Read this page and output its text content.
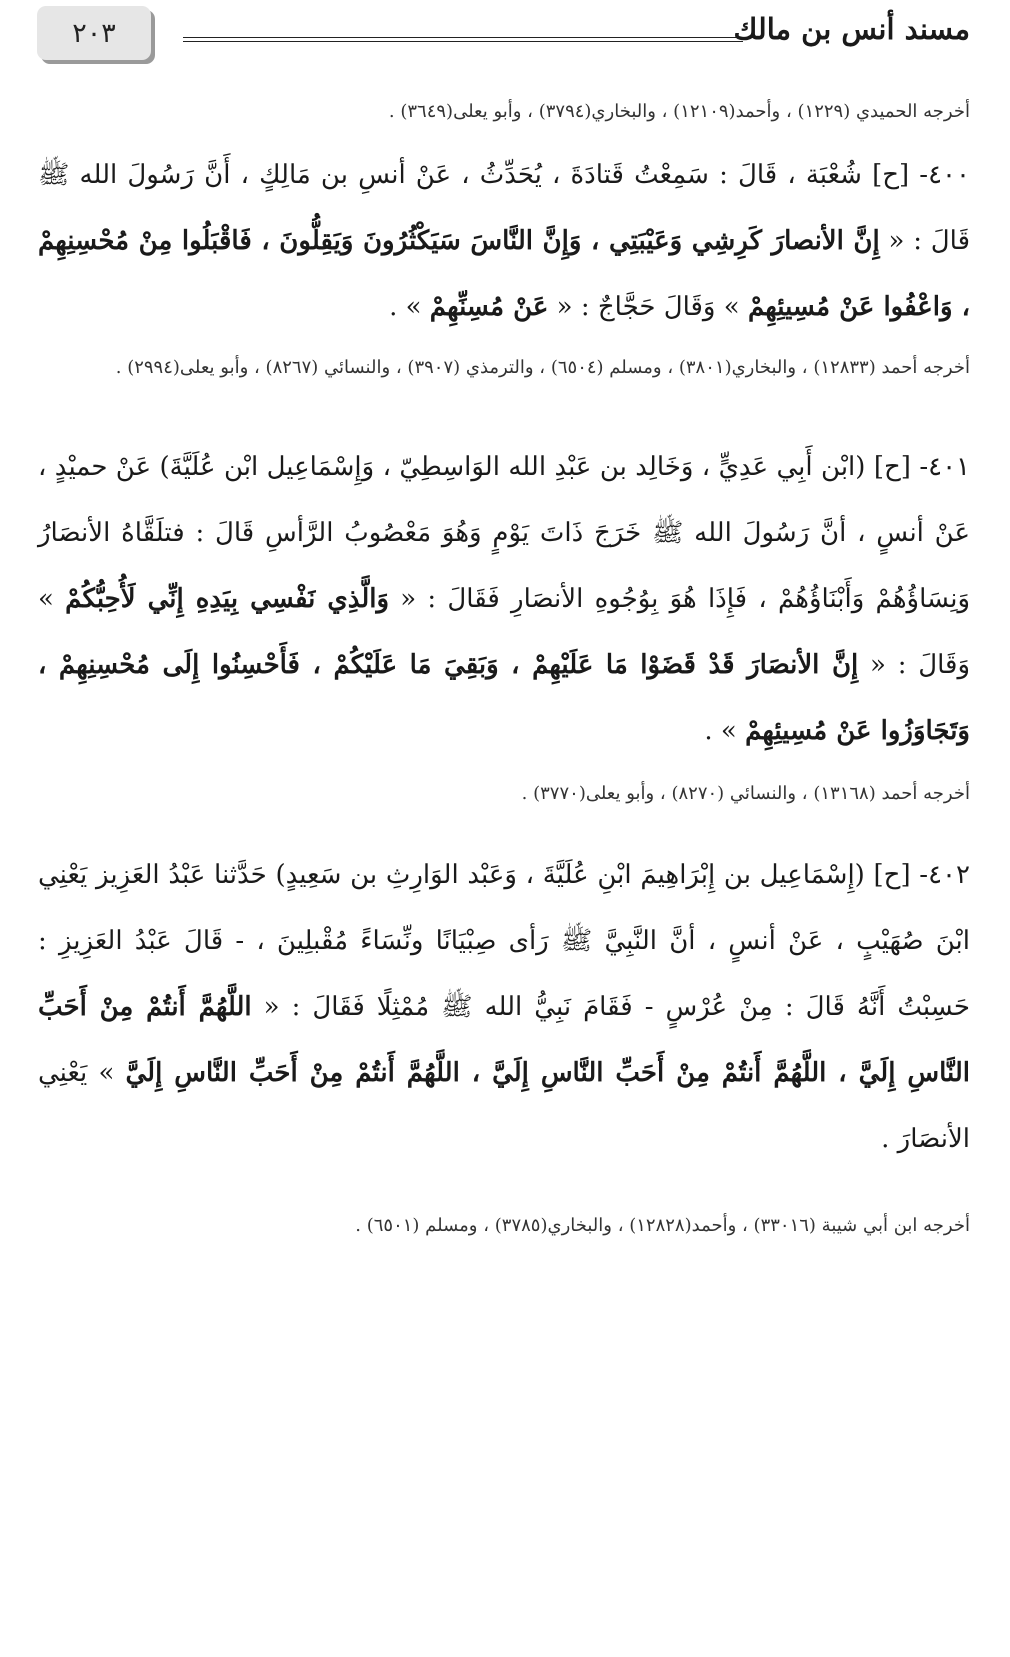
٢٠٣	مسند أنس بن مالك

أخرجه الحميدي (١٢٢٩) ، وأحمد(١٢١٠٩) ، والبخاري(٣٧٩٤) ، وأبو يعلى(٣٦٤٩) .

٤٠٠- [ح] شُعْبَة ، قَالَ : سَمِعْتُ قَتادَةَ ، يُحَدِّثُ ، عَنْ أنسِ بن مَالِكٍ ، أَنَّ رَسُولَ الله ﷺ قَالَ : « إِنَّ الأنصارَ كَرِشِي وَعَيْبَتِي ، وَإِنَّ النَّاسَ سَيَكْثُرُونَ وَيَقِلُّونَ ، فَاقْبَلُوا مِنْ مُحْسِنِهِمْ ، وَاعْفُوا عَنْ مُسِيئِهِمْ » وَقَالَ حَجَّاجٌ : « عَنْ مُسِنِّهِمْ » .

أخرجه أحمد (١٢٨٣٣) ، والبخاري(٣٨٠١) ، ومسلم (٦٥٠٤) ، والترمذي (٣٩٠٧) ، والنسائي (٨٢٦٧) ، وأبو يعلى(٢٩٩٤) .

٤٠١- [ح] (ابْن أَبِي عَدِيٍّ ، وَخَالِد بن عَبْدِ الله الوَاسِطِيّ ، وَإِسْمَاعِيل ابْن عُلَيَّةَ) عَنْ حميْدٍ ، عَنْ أنسٍ ، أنَّ رَسُولَ الله ﷺ خَرَجَ ذَاتَ يَوْمٍ وَهُوَ مَعْصُوبُ الرَّأسِ قَالَ : فتلَقَّاهُ الأنصَارُ وَنِسَاؤُهُمْ وَأَبْنَاؤُهُمْ ، فَإِذَا هُوَ بِوُجُوهِ الأنصَارِ فَقَالَ : « وَالَّذِي نَفْسِي بِيَدِهِ إِنِّي لَأُحِبُّكُمْ » وَقَالَ : « إِنَّ الأنصَارَ قَدْ قَضَوْا مَا عَلَيْهِمْ ، وَبَقِيَ مَا عَلَيْكُمْ ، فَأَحْسِنُوا إِلَى مُحْسِنِهِمْ ، وَتَجَاوَزُوا عَنْ مُسِيئِهِمْ » .

أخرجه أحمد (١٣١٦٨) ، والنسائي (٨٢٧٠) ، وأبو يعلى(٣٧٧٠) .

٤٠٢- [ح] (إِسْمَاعِيل بن إِبْرَاهِيمَ ابْنِ عُلَيَّةَ ، وَعَبْد الوَارِثِ بن سَعِيدٍ) حَدَّثنا عَبْدُ العَزِيز يَعْنِي ابْنَ صُهَيْبٍ ، عَنْ أنسٍ ، أنَّ النَّبِيَّ ﷺ رَأى صِبْيَانًا ونِّسَاءً مُقْبلِينَ ، - قَالَ عَبْدُ العَزِيزِ : حَسِبْتُ أَنَّهُ قَالَ : مِنْ عُرْسٍ - فَقَامَ نَبِيُّ الله ﷺ مُمْثِلًا فَقَالَ : « اللَّهُمَّ أَنتُمْ مِنْ أَحَبِّ النَّاسِ إِلَيَّ ، اللَّهُمَّ أَنتُمْ مِنْ أَحَبِّ النَّاسِ إِلَيَّ ، اللَّهُمَّ أَنتُمْ مِنْ أَحَبِّ النَّاسِ إِلَيَّ » يَعْنِي الأنصَارَ .

أخرجه ابن أبي شيبة (٣٣٠١٦) ، وأحمد(١٢٨٢٨) ، والبخاري(٣٧٨٥) ، ومسلم (٦٥٠١) .
